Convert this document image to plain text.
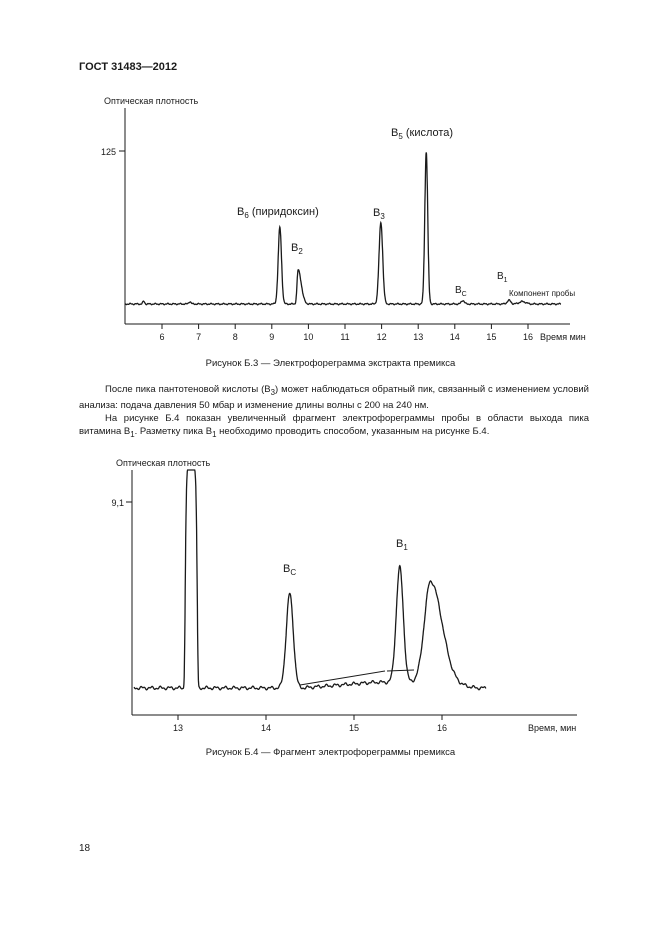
ГОСТ 31483—2012
Оптическая плотность
125
6	7	8	9	10	11	12	13	14	15	16 Время мин
$B_6$ (пиридоксин)
$B_2$
$B_3$
$B_5$ (кислота)
$B_C$
$B_1$
Компонент пробы
Рисунок Б.3 — Электрофореграмма экстракта премикса

После пика пантотеновой кислоты $(B_3)$ может наблюдаться обратный пик, связанный с изменением условий анализа: подача давления 50 мбар и изменение длины волны с 200 на 240 нм.

На рисунке Б.4 показан увеличенный фрагмент электрофореграммы пробы в области выхода пика витамина $B_1$. Разметку пика $B_1$ необходимо проводить способом, указанным на рисунке Б.4.

Оптическая плотность
9,1
13	14	15	16	Время, мин
$B_C$
$B_1$
Рисунок Б.4 — Фрагмент электрофореграммы премикса
18
